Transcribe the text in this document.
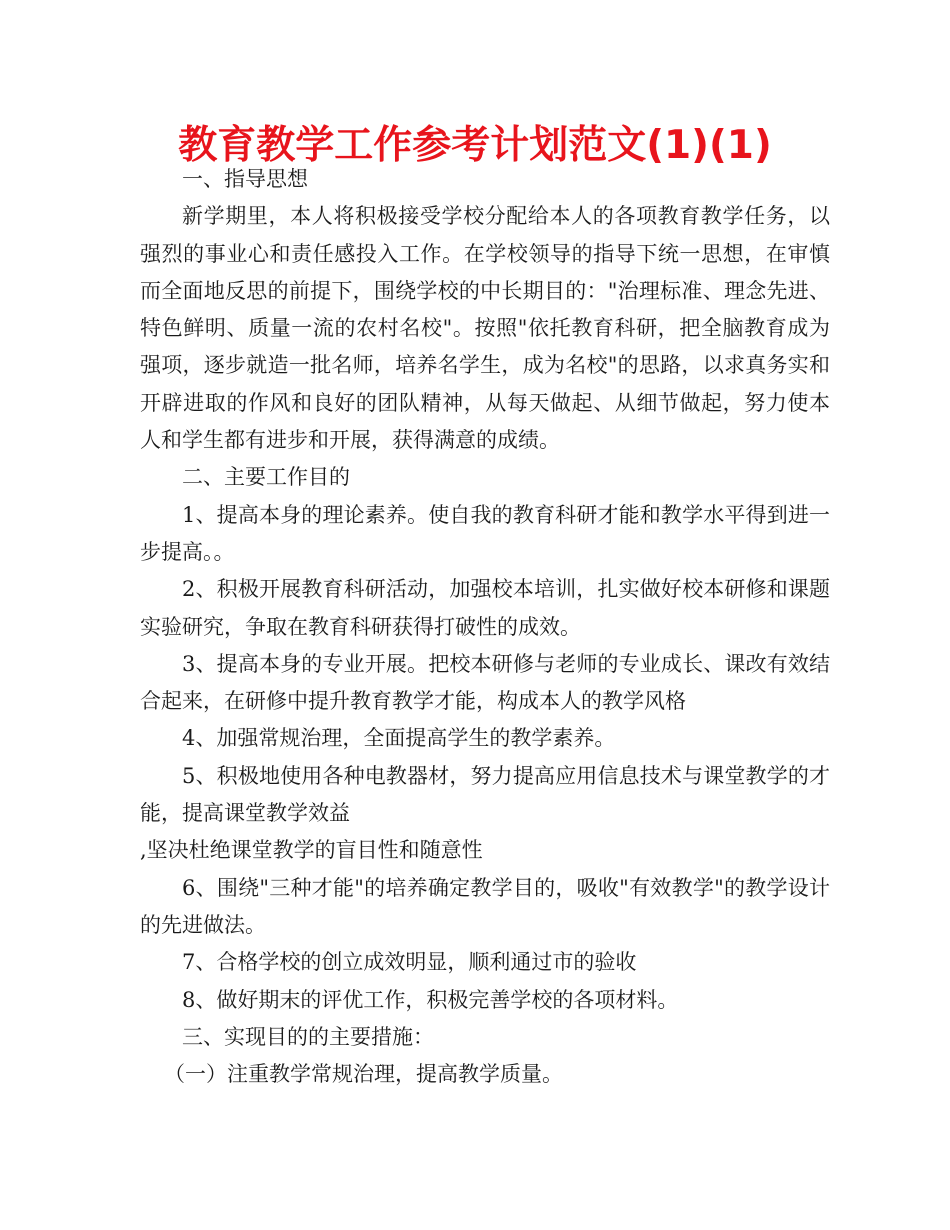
教育教学工作参考计划范文(1)(1)

一、指导思想

新学期里，本人将积极接受学校分配给本人的各项教育教学任务，以强烈的事业心和责任感投入工作。在学校领导的指导下统一思想，在审慎而全面地反思的前提下，围绕学校的中长期目的："治理标准、理念先进、特色鲜明、质量一流的农村名校"。按照"依托教育科研，把全脑教育成为强项，逐步就造一批名师，培养名学生，成为名校"的思路，以求真务实和开辟进取的作风和良好的团队精神，从每天做起、从细节做起，努力使本人和学生都有进步和开展，获得满意的成绩。

二、主要工作目的

1、提高本身的理论素养。使自我的教育科研才能和教学水平得到进一步提高。。

2、积极开展教育科研活动，加强校本培训，扎实做好校本研修和课题实验研究，争取在教育科研获得打破性的成效。

3、提高本身的专业开展。把校本研修与老师的专业成长、课改有效结合起来，在研修中提升教育教学才能，构成本人的教学风格

4、加强常规治理，全面提高学生的教学素养。

5、积极地使用各种电教器材，努力提高应用信息技术与课堂教学的才能，提高课堂教学效益

,坚决杜绝课堂教学的盲目性和随意性

6、围绕"三种才能"的培养确定教学目的，吸收"有效教学"的教学设计的先进做法。

7、合格学校的创立成效明显，顺利通过市的验收

8、做好期末的评优工作，积极完善学校的各项材料。

三、实现目的的主要措施：

（一）注重教学常规治理，提高教学质量。
